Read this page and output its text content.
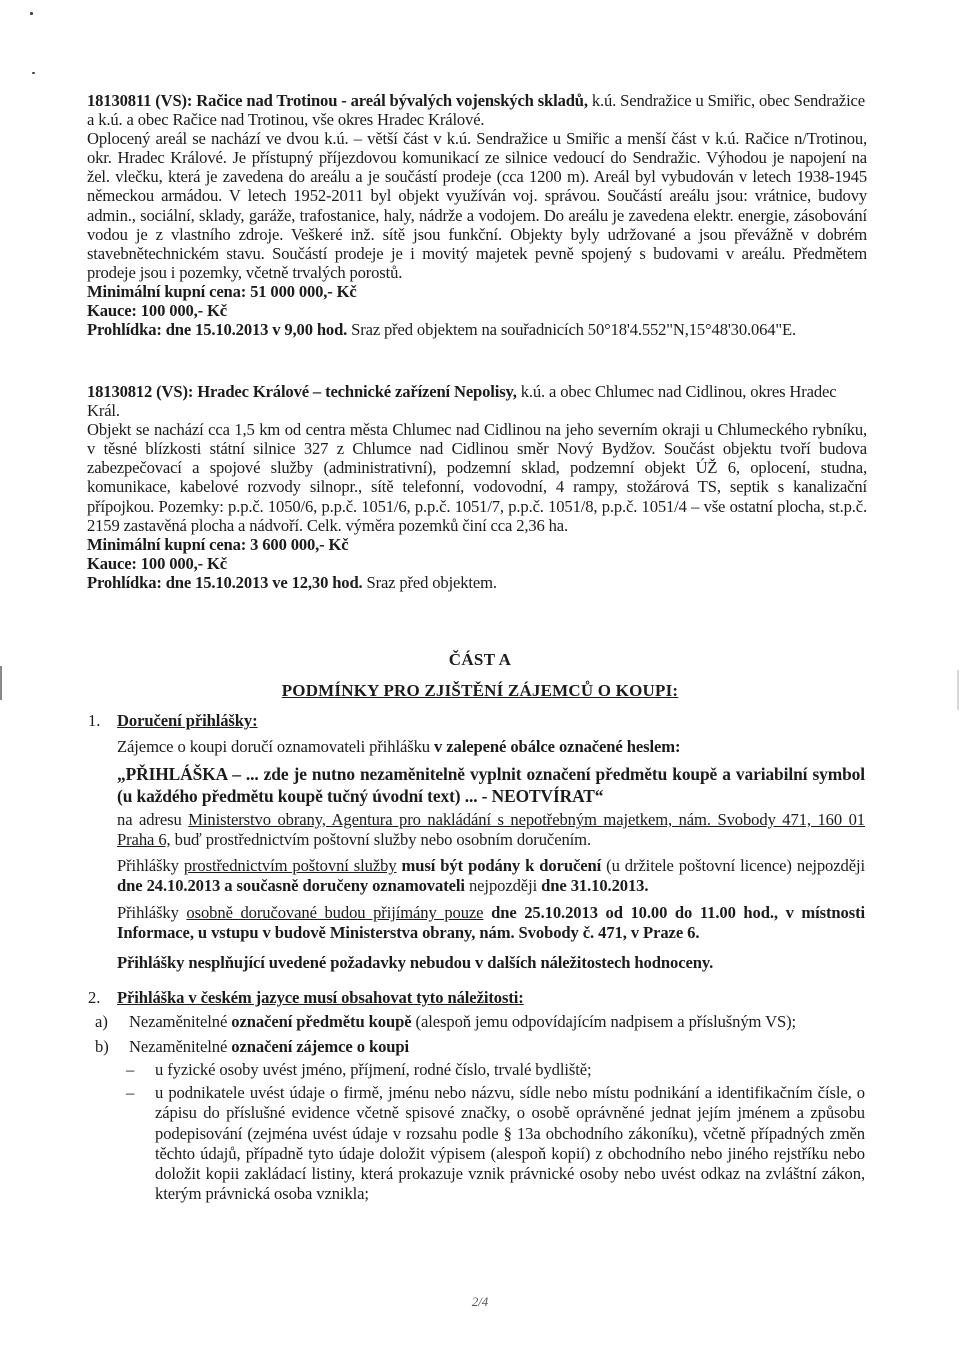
18130811 (VS): Račice nad Trotinou - areál bývalých vojenských skladů, k.ú. Sendražice u Smiřic, obec Sendražice a k.ú. a obec Račice nad Trotinou, vše okres Hradec Králové.

Oplocený areál se nachází ve dvou k.ú. – větší část v k.ú. Sendražice u Smiřic a menší část v k.ú. Račice n/Trotinou, okr. Hradec Králové. Je přístupný příjezdovou komunikací ze silnice vedoucí do Sendražic. Výhodou je napojení na žel. vlečku, která je zavedena do areálu a je součástí prodeje (cca 1200 m). Areál byl vybudován v letech 1938-1945 německou armádou. V letech 1952-2011 byl objekt využíván voj. správou. Součástí areálu jsou: vrátnice, budovy admin., sociální, sklady, garáže, trafostanice, haly, nádrže a vodojem. Do areálu je zavedena elektr. energie, zásobování vodou je z vlastního zdroje. Veškeré inž. sítě jsou funkční. Objekty byly udržované a jsou převážně v dobrém stavebnětechnickém stavu. Součástí prodeje je i movitý majetek pevně spojený s budovami v areálu. Předmětem prodeje jsou i pozemky, včetně trvalých porostů.

Minimální kupní cena: 51 000 000,- Kč

Kauce: 100 000,- Kč

Prohlídka: dne 15.10.2013 v 9,00 hod. Sraz před objektem na souřadnicích 50°18'4.552"N,15°48'30.064"E.

18130812 (VS): Hradec Králové – technické zařízení Nepolisy, k.ú. a obec Chlumec nad Cidlinou, okres Hradec Král.

Objekt se nachází cca 1,5 km od centra města Chlumec nad Cidlinou na jeho severním okraji u Chlumeckého rybníku, v těsné blízkosti státní silnice 327 z Chlumce nad Cidlinou směr Nový Bydžov. Součást objektu tvoří budova zabezpečovací a spojové služby (administrativní), podzemní sklad, podzemní objekt ÚŽ 6, oplocení, studna, komunikace, kabelové rozvody silnopr., sítě telefonní, vodovodní, 4 rampy, stožárová TS, septik s kanalizační přípojkou. Pozemky: p.p.č. 1050/6, p.p.č. 1051/6, p.p.č. 1051/7, p.p.č. 1051/8, p.p.č. 1051/4 – vše ostatní plocha, st.p.č. 2159 zastavěná plocha a nádvoří. Celk. výměra pozemků činí cca 2,36 ha.

Minimální kupní cena: 3 600 000,- Kč

Kauce: 100 000,- Kč

Prohlídka: dne 15.10.2013 ve 12,30 hod. Sraz před objektem.

ČÁST A
PODMÍNKY PRO ZJIŠTĚNÍ ZÁJEMCŮ O KOUPI:
1. Doručení přihlášky:
Zájemce o koupi doručí oznamovateli přihlášku v zalepené obálce označené heslem:
„PŘIHLÁŠKA – ... zde je nutno nezaměnitelně vyplnit označení předmětu koupě a variabilní symbol (u každého předmětu koupě tučný úvodní text) ... - NEOTVÍRAT“
na adresu Ministerstvo obrany, Agentura pro nakládání s nepotřebným majetkem, nám. Svobody 471, 160 01 Praha 6, buď prostřednictvím poštovní služby nebo osobním doručením.
Přihlášky prostřednictvím poštovní služby musí být podány k doručení (u držitele poštovní licence) nejpozději dne 24.10.2013 a současně doručeny oznamovateli nejpozději dne 31.10.2013.
Přihlášky osobně doručované budou přijímány pouze dne 25.10.2013 od 10.00 do 11.00 hod., v místnosti Informace, u vstupu v budově Ministerstva obrany, nám. Svobody č. 471, v Praze 6.
Přihlášky nesplňující uvedené požadavky nebudou v dalších náležitostech hodnoceny.
2. Přihláška v českém jazyce musí obsahovat tyto náležitosti:
a) Nezaměnitelné označení předmětu koupě (alespoň jemu odpovídajícím nadpisem a příslušným VS);
b) Nezaměnitelné označení zájemce o koupi
– u fyzické osoby uvést jméno, příjmení, rodné číslo, trvalé bydliště;
– u podnikatele uvést údaje o firmě, jménu nebo názvu, sídle nebo místu podnikání a identifikačním čísle, o zápisu do příslušné evidence včetně spisové značky, o osobě oprávněné jednat jejím jménem a způsobu podepisování (zejména uvést údaje v rozsahu podle § 13a obchodního zákoníku), včetně případných změn těchto údajů, případně tyto údaje doložit výpisem (alespoň kopií) z obchodního nebo jiného rejstříku nebo doložit kopii zakládací listiny, která prokazuje vznik právnické osoby nebo uvést odkaz na zvláštní zákon, kterým právnická osoba vznikla;
2/4
